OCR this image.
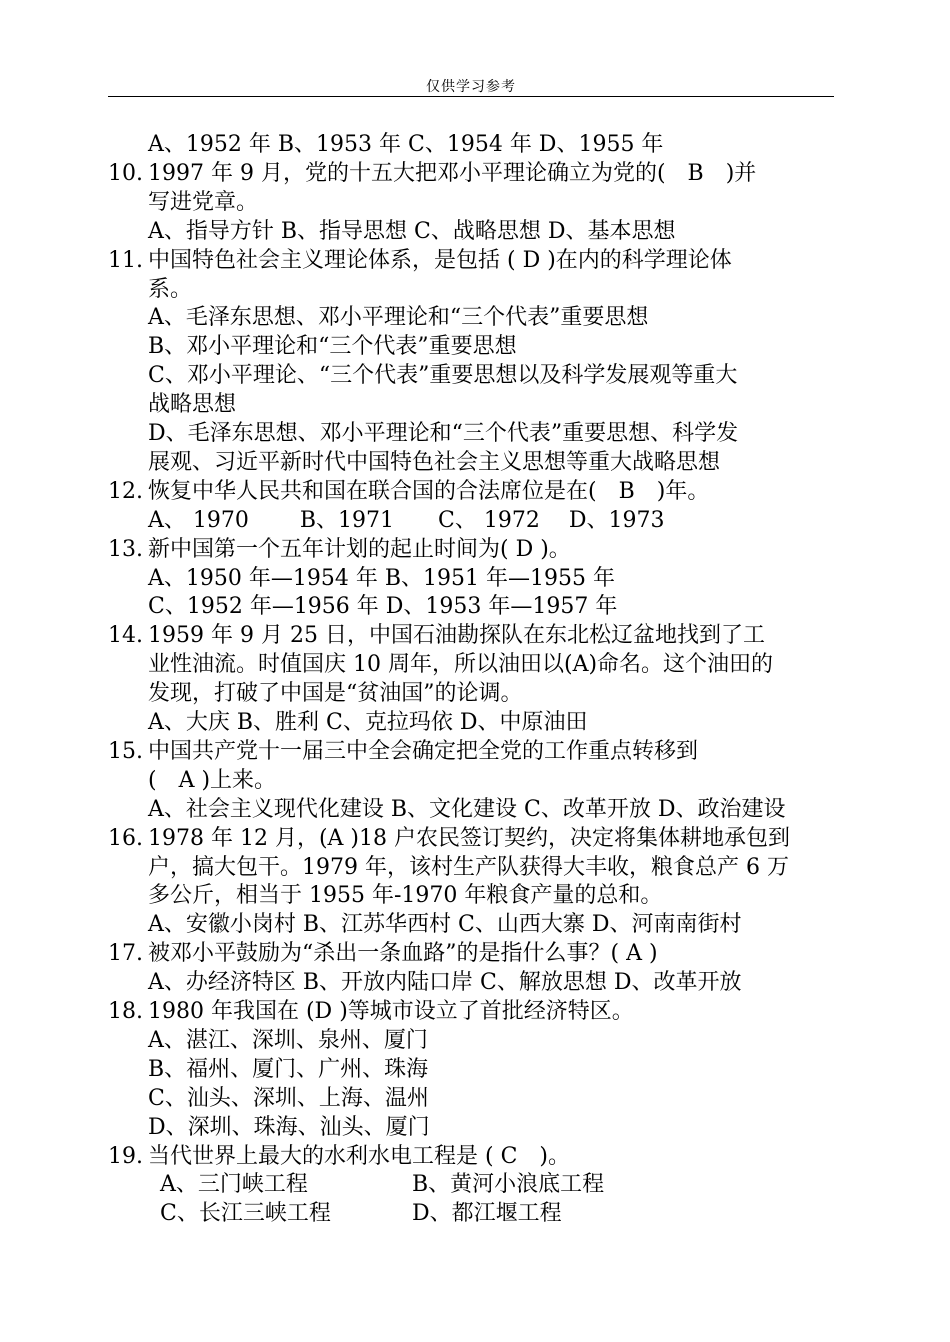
仅供学习参考
A、1952 年 B、1953 年 C、1954 年 D、1955 年
10. 1997 年 9 月，党的十五大把邓小平理论确立为党的(　B　)并
写进党章。
A、指导方针 B、指导思想 C、战略思想 D、基本思想
11. 中国特色社会主义理论体系，是包括 ( D )在内的科学理论体
系。
A、毛泽东思想、邓小平理论和“三个代表”重要思想
B、邓小平理论和“三个代表”重要思想
C、邓小平理论、“三个代表”重要思想以及科学发展观等重大
战略思想
D、毛泽东思想、邓小平理论和“三个代表”重要思想、科学发
展观、习近平新时代中国特色社会主义思想等重大战略思想
12. 恢复中华人民共和国在联合国的合法席位是在(　B　)年。
A、 1970　　 B、1971　　C、 1972　 D、1973
13. 新中国第一个五年计划的起止时间为( D )。
A、1950 年—1954 年 B、1951 年—1955 年
C、1952 年—1956 年 D、1953 年—1957 年
14. 1959 年 9 月 25 日，中国石油勘探队在东北松辽盆地找到了工
业性油流。时值国庆 10 周年，所以油田以(A)命名。这个油田的
发现，打破了中国是“贫油国”的论调。
A、大庆 B、胜利 C、克拉玛依 D、中原油田
15. 中国共产党十一届三中全会确定把全党的工作重点转移到
(　A )上来。
A、社会主义现代化建设 B、文化建设 C、改革开放 D、政治建设
16. 1978 年 12 月，(A )18 户农民签订契约，决定将集体耕地承包到
户，搞大包干。1979 年，该村生产队获得大丰收，粮食总产 6 万
多公斤，相当于 1955 年-1970 年粮食产量的总和。
A、安徽小岗村 B、江苏华西村 C、山西大寨 D、河南南街村
17. 被邓小平鼓励为“杀出一条血路”的是指什么事？( A )
A、办经济特区 B、开放内陆口岸 C、解放思想 D、改革开放
18. 1980 年我国在 (D )等城市设立了首批经济特区。
A、湛江、深圳、泉州、厦门
B、福州、厦门、广州、珠海
C、汕头、深圳、上海、温州
D、深圳、珠海、汕头、厦门
19. 当代世界上最大的水利水电工程是 ( C　)。
A、三门峡工程	B、黄河小浪底工程
C、长江三峡工程	D、都江堰工程
